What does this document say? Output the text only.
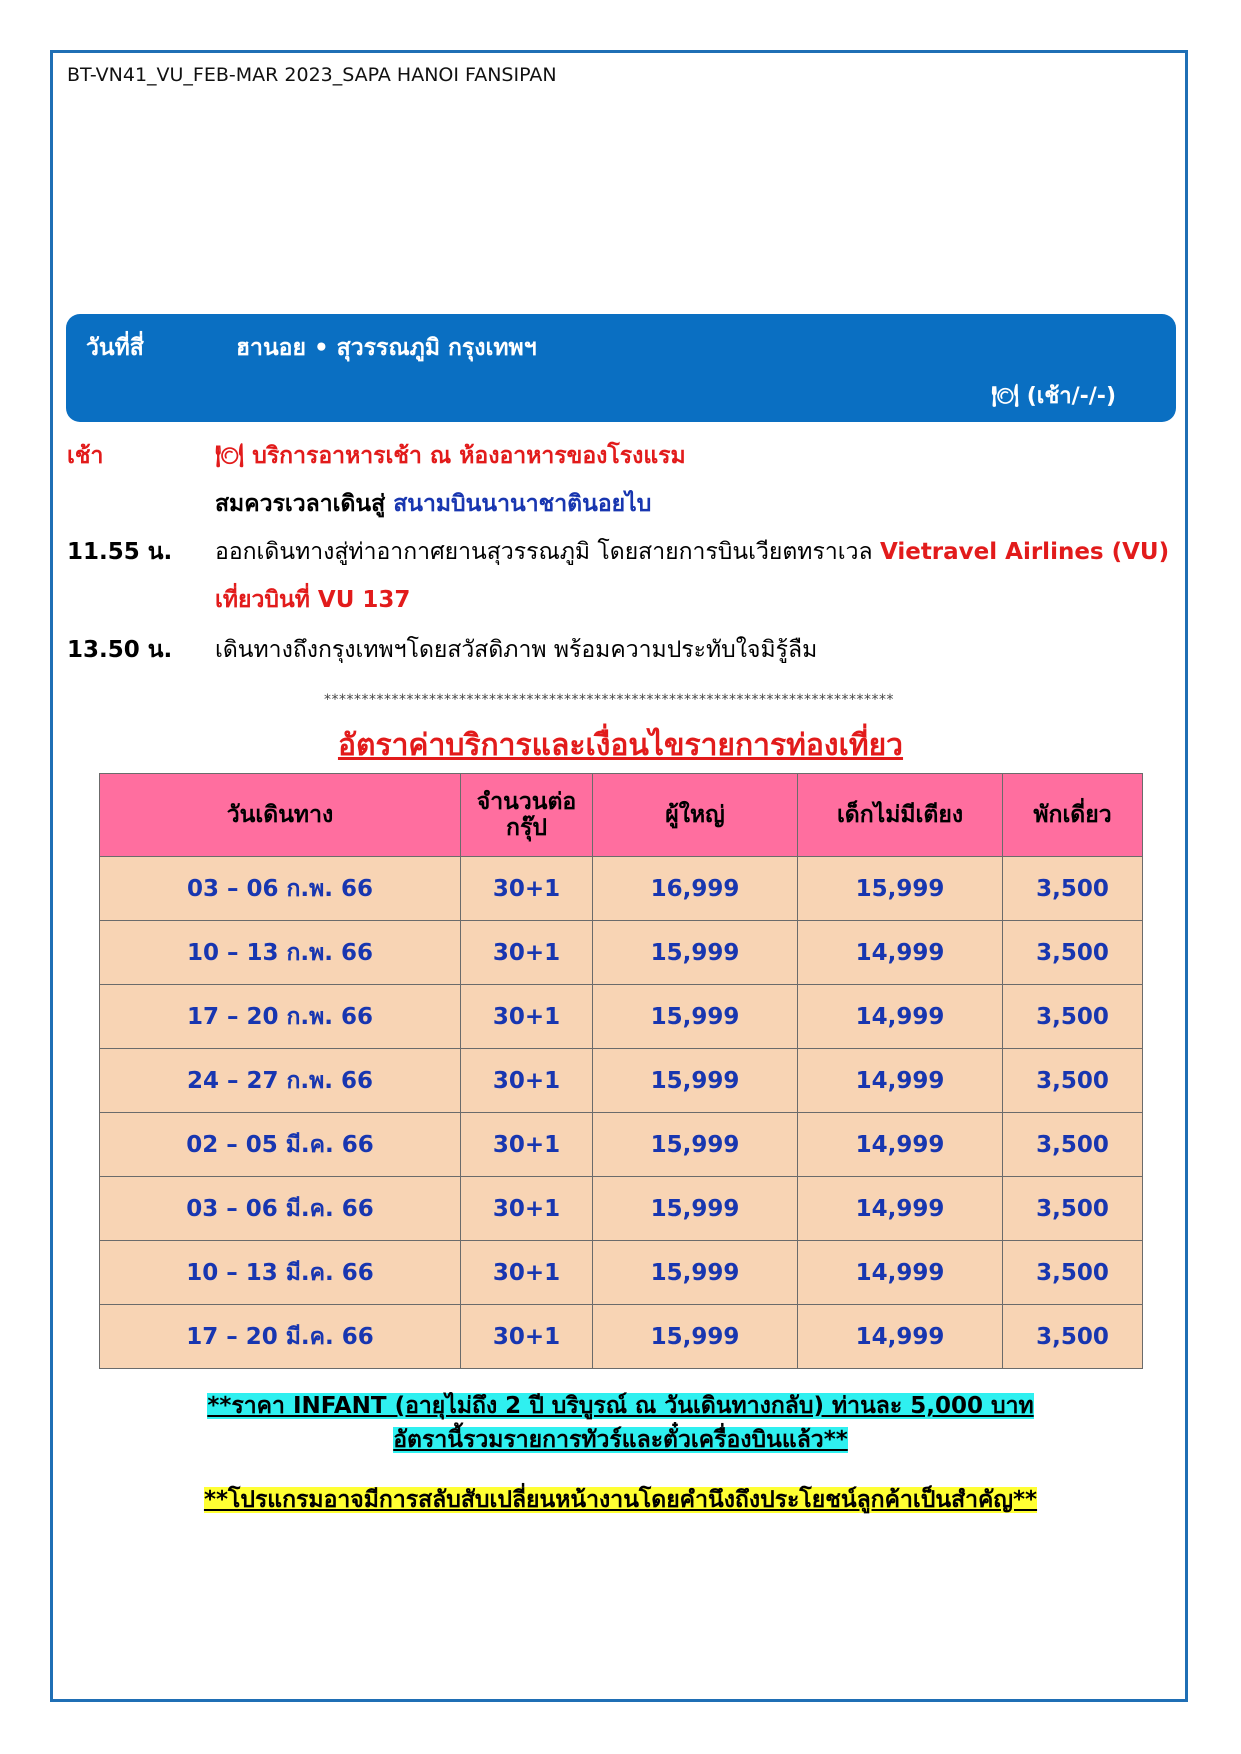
BT-VN41_VU_FEB-MAR 2023_SAPA HANOI FANSIPAN
วันที่สี่	ฮานอย • สุวรรณภูมิ กรุงเทพฯ
🍽 (เช้า/-/-)
เช้า	🍽 บริการอาหารเช้า ณ ห้องอาหารของโรงแรม
สมควรเวลาเดินสู่ สนามบินนานาชาตินอยไบ
11.55 น. ออกเดินทางสู่ท่าอากาศยานสุวรรณภูมิ โดยสายการบินเวียตทราเวล Vietravel Airlines (VU)
เที่ยวบินที่ VU 137
13.50 น. เดินทางถึงกรุงเทพฯโดยสวัสดิภาพ พร้อมความประทับใจมิรู้ลืม
****************************************************************************
อัตราค่าบริการและเงื่อนไขรายการท่องเที่ยว
วันเดินทาง	จำนวนต่อ กรุ๊ป	ผู้ใหญ่	เด็กไม่มีเตียง	พักเดี่ยว
03 – 06 ก.พ. 66	30+1	16,999	15,999	3,500
10 – 13 ก.พ. 66	30+1	15,999	14,999	3,500
17 – 20 ก.พ. 66	30+1	15,999	14,999	3,500
24 – 27 ก.พ. 66	30+1	15,999	14,999	3,500
02 – 05 มี.ค. 66	30+1	15,999	14,999	3,500
03 – 06 มี.ค. 66	30+1	15,999	14,999	3,500
10 – 13 มี.ค. 66	30+1	15,999	14,999	3,500
17 – 20 มี.ค. 66	30+1	15,999	14,999	3,500
**ราคา INFANT (อายุไม่ถึง 2 ปี บริบูรณ์ ณ วันเดินทางกลับ) ท่านละ 5,000 บาท
อัตรานี้รวมรายการทัวร์และตั๋วเครื่องบินแล้ว**
**โปรแกรมอาจมีการสลับสับเปลี่ยนหน้างานโดยคำนึงถึงประโยชน์ลูกค้าเป็นสำคัญ**
